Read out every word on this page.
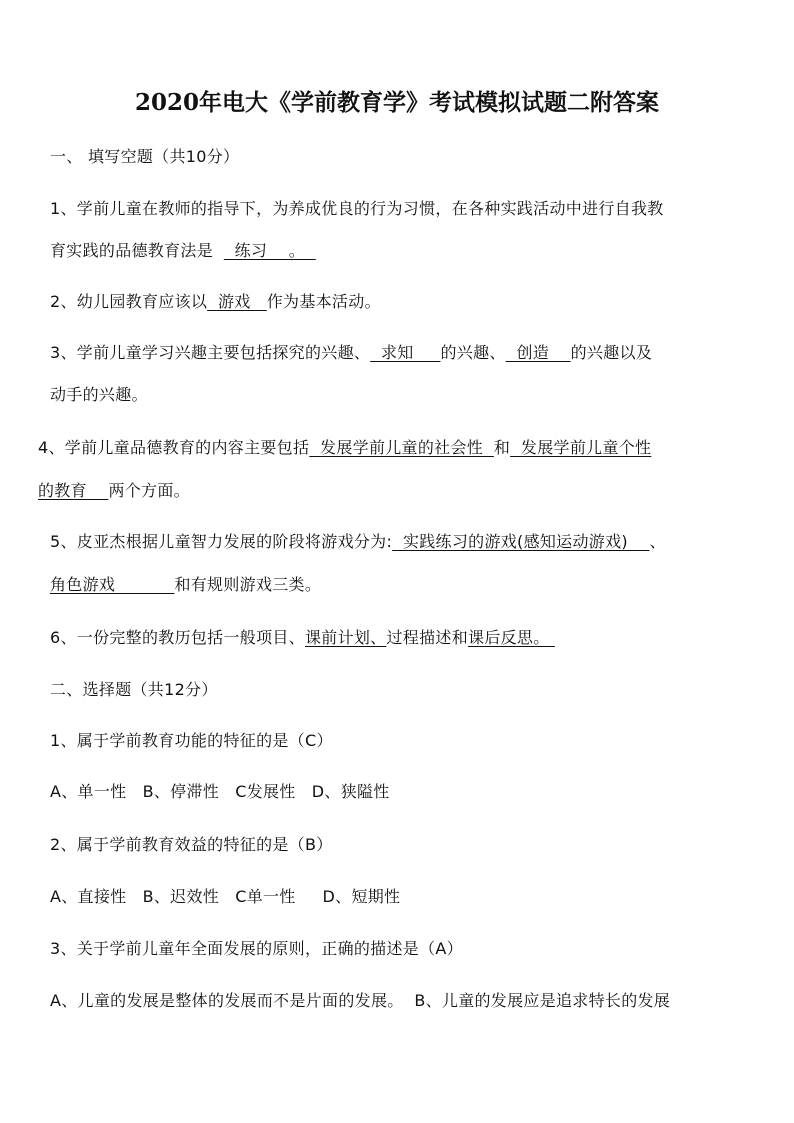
2020年电大《学前教育学》考试模拟试题二附答案
一、 填写空题（共10分）
1、学前儿童在教师的指导下，为养成优良的行为习惯，在各种实践活动中进行自我教
育实践的品德教育法是    练习    。
2、幼儿园教育应该以  游戏   作为基本活动。
3、学前儿童学习兴趣主要包括探究的兴趣、  求知     的兴趣、  创造    的兴趣以及
动手的兴趣。
4、学前儿童品德教育的内容主要包括  发展学前儿童的社会性  和  发展学前儿童个性
的教育    两个方面。
5、皮亚杰根据儿童智力发展的阶段将游戏分为:  实践练习的游戏(感知运动游戏)    、
角色游戏           和有规则游戏三类。
6、一份完整的教历包括一般项目、课前计划、过程描述和课后反思。
二、选择题（共12分）
1、属于学前教育功能的特征的是（C）
A、单一性   B、停滞性   C发展性   D、狭隘性
2、属于学前教育效益的特征的是（B）
A、直接性   B、迟效性   C单一性     D、短期性
3、关于学前儿童年全面发展的原则，正确的描述是（A）
A、儿童的发展是整体的发展而不是片面的发展。  B、儿童的发展应是追求特长的发展
